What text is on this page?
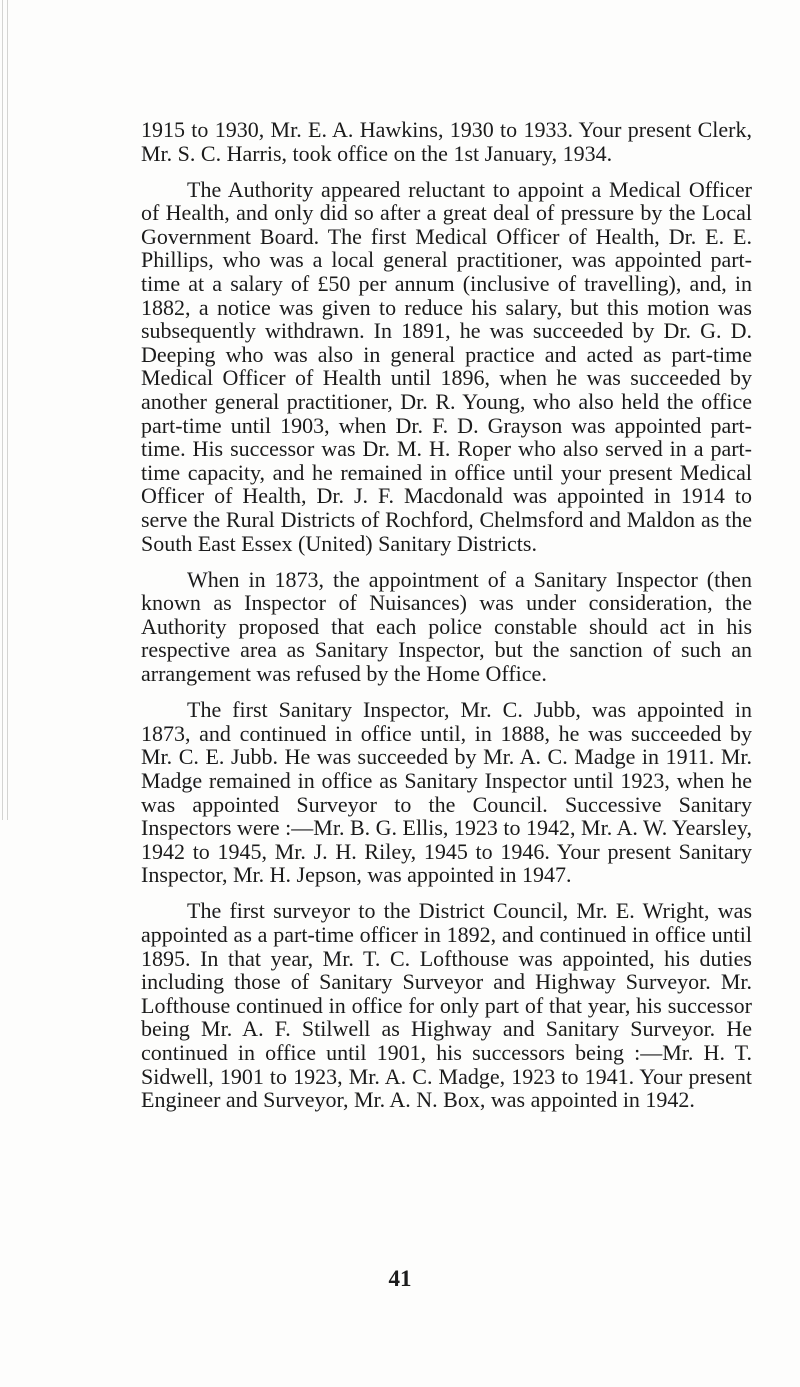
1915 to 1930, Mr. E. A. Hawkins, 1930 to 1933. Your present Clerk, Mr. S. C. Harris, took office on the 1st January, 1934.

The Authority appeared reluctant to appoint a Medical Officer of Health, and only did so after a great deal of pressure by the Local Government Board. The first Medical Officer of Health, Dr. E. E. Phillips, who was a local general practitioner, was appointed part-time at a salary of £50 per annum (inclusive of travelling), and, in 1882, a notice was given to reduce his salary, but this motion was subsequently withdrawn. In 1891, he was succeeded by Dr. G. D. Deeping who was also in general practice and acted as part-time Medical Officer of Health until 1896, when he was succeeded by another general practitioner, Dr. R. Young, who also held the office part-time until 1903, when Dr. F. D. Grayson was appointed part-time. His successor was Dr. M. H. Roper who also served in a part-time capacity, and he remained in office until your present Medical Officer of Health, Dr. J. F. Macdonald was appointed in 1914 to serve the Rural Districts of Rochford, Chelmsford and Maldon as the South East Essex (United) Sanitary Districts.

When in 1873, the appointment of a Sanitary Inspector (then known as Inspector of Nuisances) was under consideration, the Authority proposed that each police constable should act in his respective area as Sanitary Inspector, but the sanction of such an arrangement was refused by the Home Office.

The first Sanitary Inspector, Mr. C. Jubb, was appointed in 1873, and continued in office until, in 1888, he was succeeded by Mr. C. E. Jubb. He was succeeded by Mr. A. C. Madge in 1911. Mr. Madge remained in office as Sanitary Inspector until 1923, when he was appointed Surveyor to the Council. Successive Sanitary Inspectors were :—Mr. B. G. Ellis, 1923 to 1942, Mr. A. W. Yearsley, 1942 to 1945, Mr. J. H. Riley, 1945 to 1946. Your present Sanitary Inspector, Mr. H. Jepson, was appointed in 1947.

The first surveyor to the District Council, Mr. E. Wright, was appointed as a part-time officer in 1892, and continued in office until 1895. In that year, Mr. T. C. Lofthouse was appointed, his duties including those of Sanitary Surveyor and Highway Surveyor. Mr. Lofthouse continued in office for only part of that year, his successor being Mr. A. F. Stilwell as Highway and Sanitary Surveyor. He continued in office until 1901, his successors being :—Mr. H. T. Sidwell, 1901 to 1923, Mr. A. C. Madge, 1923 to 1941. Your present Engineer and Surveyor, Mr. A. N. Box, was appointed in 1942.

41
